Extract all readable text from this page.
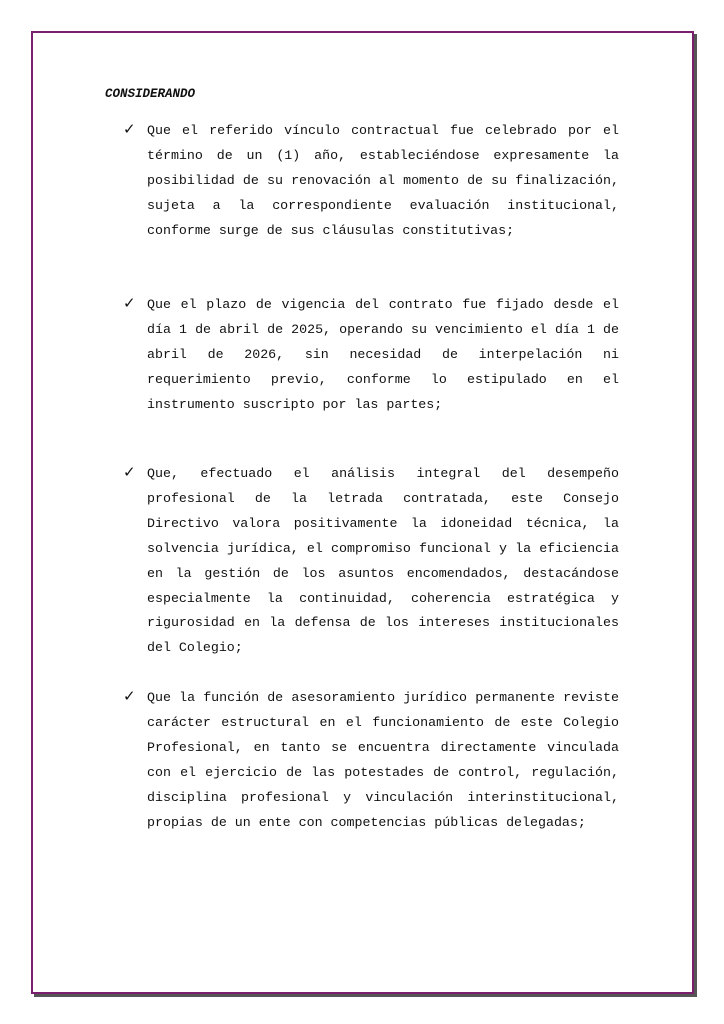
CONSIDERANDO

✓ Que el referido vínculo contractual fue celebrado por el término de un (1) año, estableciéndose expresamente la posibilidad de su renovación al momento de su finalización, sujeta a la correspondiente evaluación institucional, conforme surge de sus cláusulas constitutivas;

✓ Que el plazo de vigencia del contrato fue fijado desde el día 1 de abril de 2025, operando su vencimiento el día 1 de abril de 2026, sin necesidad de interpelación ni requerimiento previo, conforme lo estipulado en el instrumento suscripto por las partes;

✓ Que, efectuado el análisis integral del desempeño profesional de la letrada contratada, este Consejo Directivo valora positivamente la idoneidad técnica, la solvencia jurídica, el compromiso funcional y la eficiencia en la gestión de los asuntos encomendados, destacándose especialmente la continuidad, coherencia estratégica y rigurosidad en la defensa de los intereses institucionales del Colegio;

✓ Que la función de asesoramiento jurídico permanente reviste carácter estructural en el funcionamiento de este Colegio Profesional, en tanto se encuentra directamente vinculada con el ejercicio de las potestades de control, regulación, disciplina profesional y vinculación interinstitucional, propias de un ente con competencias públicas delegadas;
